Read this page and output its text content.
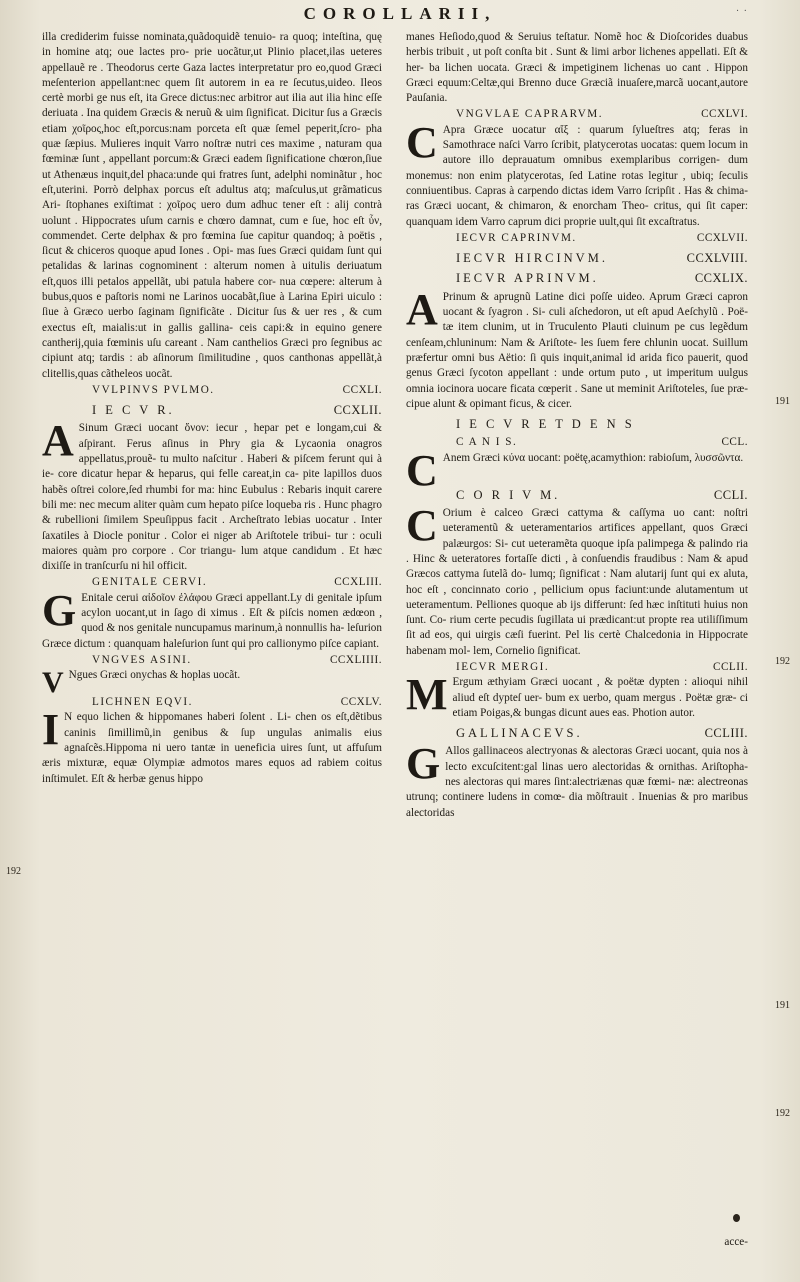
COROLLARII,	· ·
192
191
192
191
192

illa crediderim fuisse nominata,quãdoquidẽ tenuio- ra quoq; inteſtina, quę in homine atq; oue lactes pro- prie uocãtur,ut Plinio placet,ilas ueteres appellauẽ re . Theodorus certe Gaza lactes interpretatur pro eo,quod Græci meſenterion appellant:nec quem ſit autorem in ea re ſecutus,uideo. Ileos certè morbi ge nus eſt, ita Grece dictus:nec arbitror aut ilia aut ilia hinc eſſe deriuata . Ina quidem Græcis & neruũ & uim ſignificat. Dicitur ſus a Græcis etiam χοῖρος,hoc eſt,porcus:nam porceta eſt quæ ſemel peperit,ſcro- pha quæ ſæpius. Mulieres inquit Varro noſtræ nutri ces maxime , naturam qua fœminæ ſunt , appellant porcum:& Græci eadem ſignificatione chœron,ſiue ut Athenæus inquit,del phaca:unde qui fratres ſunt, adelphi nominãtur , hoc eſt,uterini. Porrò delphax porcus eſt adultus atq; maſculus,ut grãmaticus Ari- ſtophanes exiſtimat : χοῖρος uero dum adhuc tener eſt : alij contrà uolunt . Hippocrates uſum carnis e chœro damnat, cum e ſue, hoc eſt ὗν, commendet. Certe delphax & pro fœmina ſue capitur quandoq; à poëtis , ſicut & chiceros quoque apud Iones . Opi- mas ſues Græci quidam ſunt qui petalidas & larinas cognominent : alterum nomen à uitulis deriuatum eſt,quos illi petalos appellãt, ubi patula habere cor- nua cœpere: alterum à bubus,quos e paſtoris nomi ne Larinos uocabãt,ſiue à Larina Epiri uiculo : ſiue à Græco uerbo ſaginam ſignificãte . Dicitur ſus & uer res , & cum exectus eſt, maialis:ut in gallis gallina- ceis capi:& in equino genere cantherij,quia fœminis uſu careant . Nam canthelios Græci pro ſegnibus ac cipiunt atq; tardis : ab aſinorum ſimilitudine , quos canthonas appellãt,à clitellis,quas cãtheleos uocãt.

VVLPINVS PVLMO.	CCXLI.
I E C V R.	CCXLII.

A Sinum Græci uocant ὄνον: iecur , hepar pet e longam,cui & aſpirant. Ferus aſinus in Phry gia & Lycaonia onagros appellatus,prouẽ- tu multo naſcitur . Haberi & piſcem ferunt qui à ie- core dicatur hepar & heparus, qui felle careat,in ca- pite lapillos duos habẽs oſtrei colore,ſed rhumbi for ma: hinc Eubulus : Rebaris inquit carere bili me: nec mecum aliter quàm cum hepato piſce loqueba ris . Hunc phagro & rubellioni ſimilem Speuſippus facit . Archeſtrato lebias uocatur . Inter ſaxatiles à Diocle ponitur . Color ei niger ab Ariſtotele tribui- tur : oculi maiores quàm pro corpore . Cor triangu- lum atque candidum . Et hæc dixiſſe in tranſcurſu ni hil officit.

GENITALE CERVI.	CCXLIII.

G Enitale cerui αἰδοῖον ἐλάφου Græci appellant.Ly di genitale ipſum acylon uocant,ut in ſago di ximus . Eſt & piſcis nomen ædœon , quod & nos genitale nuncupamus marinum,à nonnullis ha- leſurion Græce dictum : quanquam haleſurion ſunt qui pro callionymo piſce capiant.

VNGVES ASINI.	CCXLIIII.

V Ngues Græci onychas & hoplas uocãt.

LICHNEN EQVI.	CCXLV.

I N equo lichen & hippomanes haberi ſolent . Li- chen os eſt,dẽtibus caninis ſimillimũ,in genibus & ſup ungulas animalis eius agnaſcẽs.Hippoma ni uero tantæ in ueneficia uires ſunt, ut affuſum æris mixturæ, equæ Olympiæ admotos mares equos ad rabiem coitus inſtimulet. Eſt & herbæ genus hippo

manes Heſiodo,quod & Seruius teſtatur. Nomẽ hoc & Dioſcorides duabus herbis tribuit , ut poſt conſta bit . Sunt & limi arbor lichenes appellati. Eſt & her- ba lichen uocata. Græci & impetiginem lichenas uo cant . Hippon Græci equum:Celtæ,qui Brenno duce Græciã inuaſere,marcã uocant,autore Pauſania.

VNGVLAE CAPRARVM.	CCXLVI.

C Apra Græce uocatur αἴξ : quarum ſylueſtres atq; feras in Samothrace naſci Varro ſcribit, platycerotas uocatas: quem locum in autore illo deprauatum omnibus exemplaribus corrigen- dum monemus: non enim platycerotas, ſed Latine rotas legitur , ubiq; ſeculis conniuentibus. Capras à carpendo dictas idem Varro ſcripſit . Has & chima- ras Græci uocant, & chimaron, & enorcham Theo- critus, qui ſit caper: quanquam idem Varro caprum dici proprie uult,qui ſit excaſtratus.

IECVR CAPRINVM.	CCXLVII.
IECVR HIRCINVM.	CCXLVIII.
IECVR APRINVM.	CCXLIX.

A Prinum & aprugnũ Latine dici poſſe uideo. Aprum Græci capron uocant & ſyagron . Si- culi aſchedoron, ut eſt apud Aeſchylũ . Poë- tæ item clunim, ut in Truculento Plauti cluinum pe cus legẽdum cenſeam,chluninum: Nam & Ariſtote- les ſuem fere chlunin uocat. Suillum præfertur omni bus Aëtio: ſi quis inquit,animal id arida fico pauerit, quod genus Græci ſycoton appellant : unde ortum puto , ut imperitum uulgus omnia iocinora uocare ficata cœperit . Sane ut meminit Ariſtoteles, ſue præ- cipue alunt & opimant ficus, & cicer.

I E C V R E T D E N S
C A N I S.	CCL.

C Anem Græci κύνα uocant: poëtę,acamythion: rabioſum, λυσσῶντα.

C O R I V M.	CCLI.

C Orium è calceo Græci cattyma & caſſyma uo cant: noſtri ueteramentũ & ueteramentarios artifices appellant, quos Græci palæurgos: Si- cut ueteramẽta quoque ipſa palimpega & palindo ria . Hinc & ueteratores fortaſſe dicti , à conſuendis fraudibus : Nam & apud Græcos cattyma ſutelã do- lumq; ſignificat : Nam alutarij ſunt qui ex aluta, hoc eſt , concinnato corio , pellicium opus faciunt:unde alutamentum ut ueteramentum. Pelliones quoque ab ijs differunt: ſed hæc inſtituti huius non ſunt. Co- rium certe pecudis ſugillata ui prædicant:ut propte rea utiliſſimum ſit ad eos, qui uirgis cæſi fuerint. Pel lis certè Chalcedonia in Hippocrate habenam mol- lem, Cornelio ſignificat.

IECVR MERGI.	CCLII.

M Ergum æthyiam Græci uocant , & poëtæ dypten : alioqui nihil aliud eſt dypteſ uer- bum ex uerbo, quam mergus . Poëtæ græ- ci etiam Poigas,& bungas dicunt aues eas. Photion autor.

GALLINACEVS.	CCLIII.

G Allos gallinaceos alectryonas & alectoras Græci uocant, quia nos à lecto excuſcitent:gal linas uero alectoridas & ornithas. Ariſtopha- nes alectoras qui mares ſint:alectriænas quæ fœmi- næ: alectreonas utrunq; continere ludens in comœ- dia mõſtrauit . Inuenias & pro maribus alectoridas

acce-
